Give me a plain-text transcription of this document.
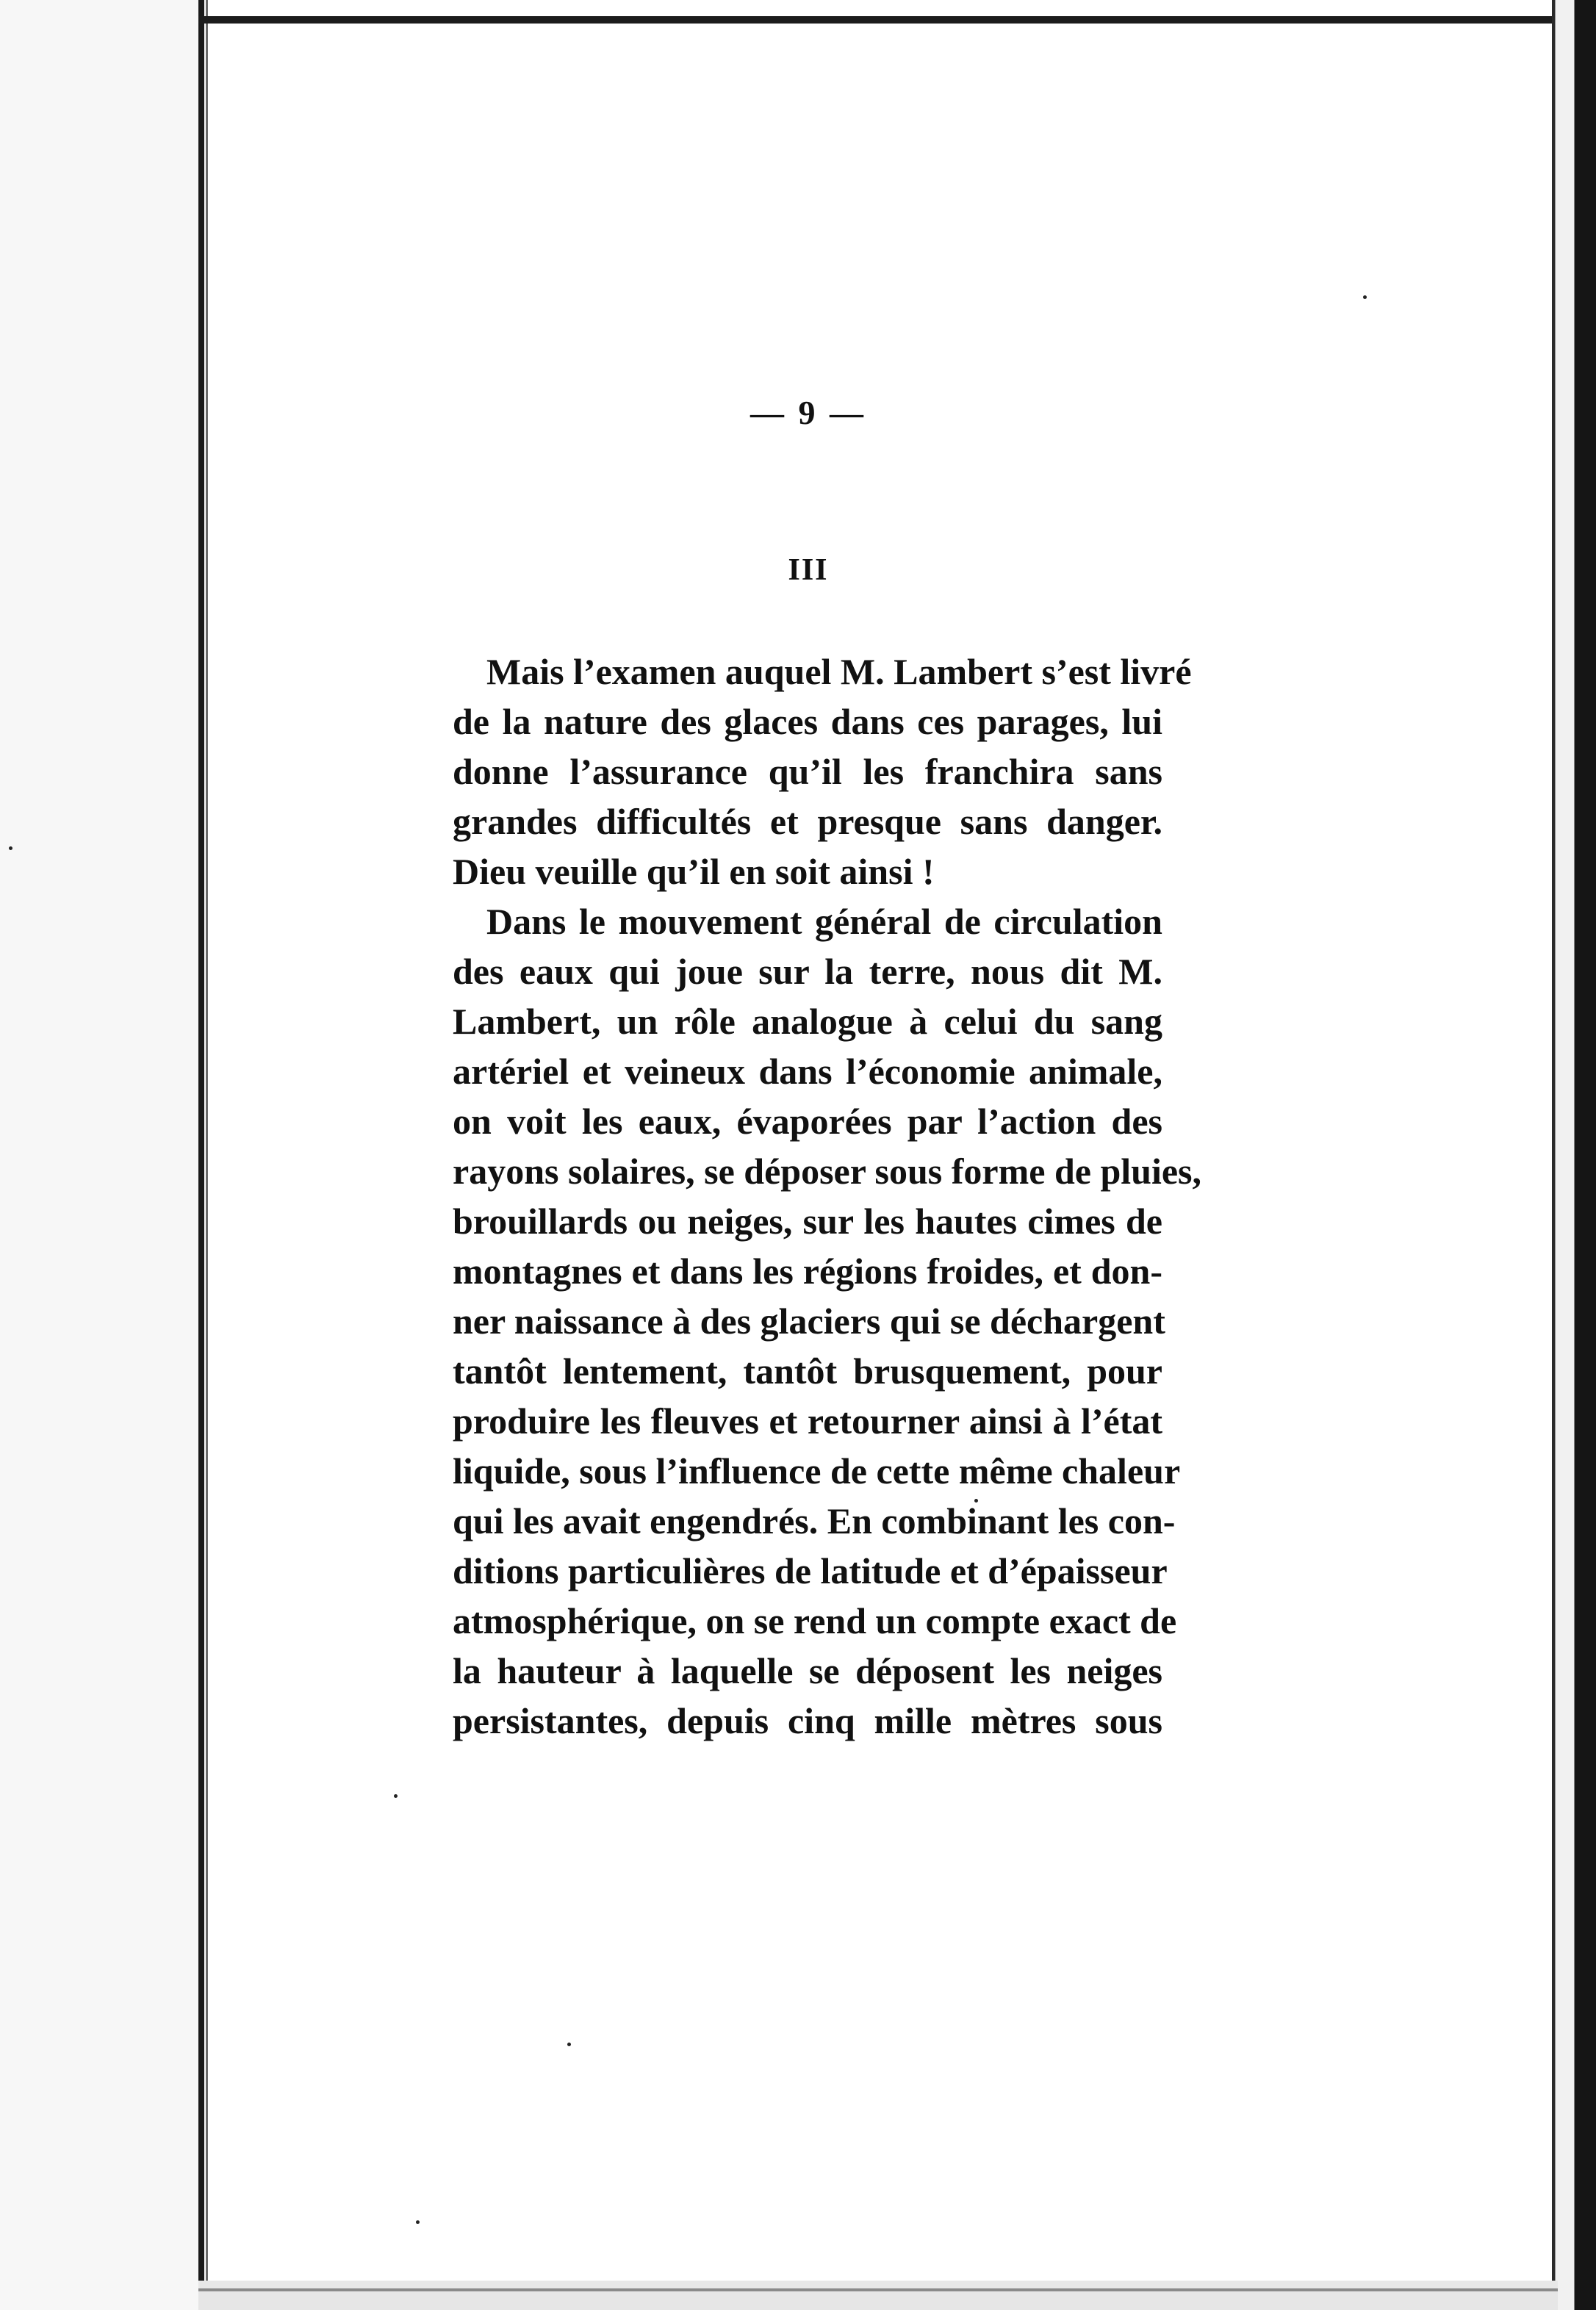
— 9 —
III
Mais l’examen auquel M. Lambert s’est livré
de la nature des glaces dans ces parages, lui
donne l’assurance qu’il les franchira sans
grandes difficultés et presque sans danger.
Dieu veuille qu’il en soit ainsi !
Dans le mouvement général de circulation
des eaux qui joue sur la terre, nous dit M.
Lambert, un rôle analogue à celui du sang
artériel et veineux dans l’économie animale,
on voit les eaux, évaporées par l’action des
rayons solaires, se déposer sous forme de pluies,
brouillards ou neiges, sur les hautes cimes de
montagnes et dans les régions froides, et don-
ner naissance à des glaciers qui se déchargent
tantôt lentement, tantôt brusquement, pour
produire les fleuves et retourner ainsi à l’état
liquide, sous l’influence de cette même chaleur
qui les avait engendrés. En combinant les con-
ditions particulières de latitude et d’épaisseur
atmosphérique, on se rend un compte exact de
la hauteur à laquelle se déposent les neiges
persistantes, depuis cinq mille mètres sous
